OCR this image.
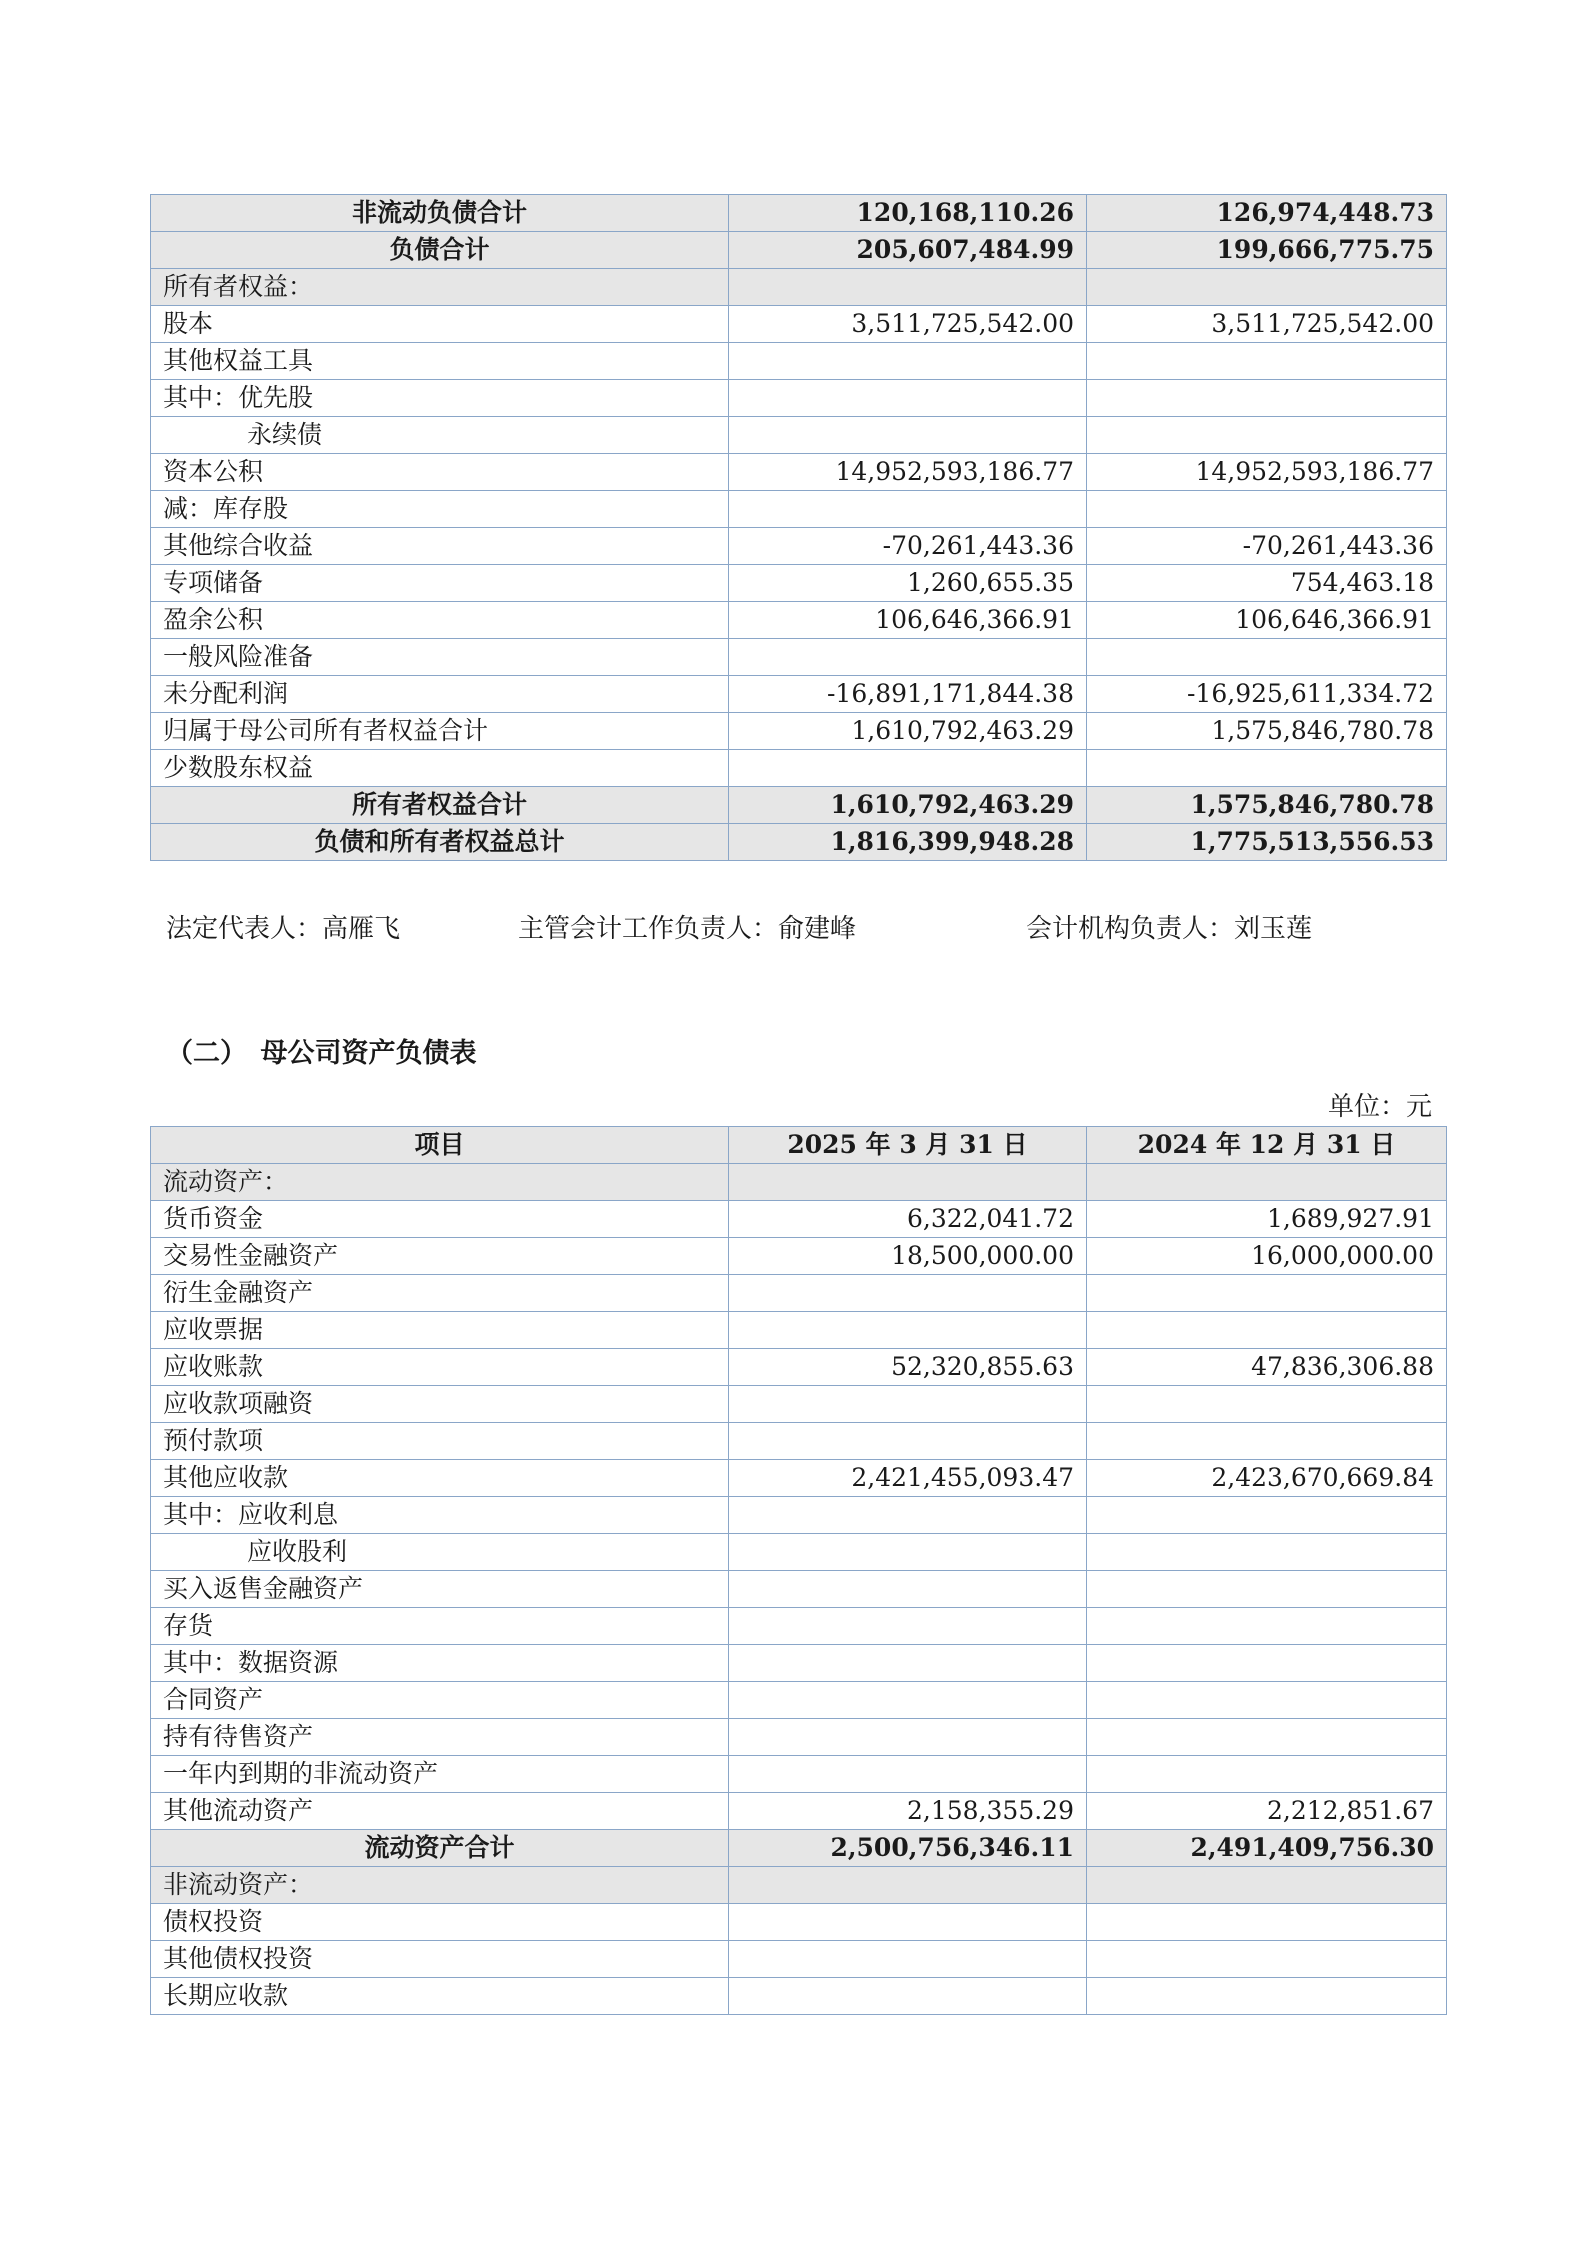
非流动负债合计	120,168,110.26	126,974,448.73
负债合计	205,607,484.99	199,666,775.75
所有者权益：		
股本	3,511,725,542.00	3,511,725,542.00
其他权益工具		
其中：优先股		
永续债		
资本公积	14,952,593,186.77	14,952,593,186.77
减：库存股		
其他综合收益	-70,261,443.36	-70,261,443.36
专项储备	1,260,655.35	754,463.18
盈余公积	106,646,366.91	106,646,366.91
一般风险准备		
未分配利润	-16,891,171,844.38	-16,925,611,334.72
归属于母公司所有者权益合计	1,610,792,463.29	1,575,846,780.78
少数股东权益		
所有者权益合计	1,610,792,463.29	1,575,846,780.78
负债和所有者权益总计	1,816,399,948.28	1,775,513,556.53
法定代表人：高雁飞	主管会计工作负责人：俞建峰	会计机构负责人：刘玉莲
（二）　母公司资产负债表
单位：元
项目	2025 年 3 月 31 日	2024 年 12 月 31 日
流动资产：		
货币资金	6,322,041.72	1,689,927.91
交易性金融资产	18,500,000.00	16,000,000.00
衍生金融资产		
应收票据		
应收账款	52,320,855.63	47,836,306.88
应收款项融资		
预付款项		
其他应收款	2,421,455,093.47	2,423,670,669.84
其中：应收利息		
应收股利		
买入返售金融资产		
存货		
其中：数据资源		
合同资产		
持有待售资产		
一年内到期的非流动资产		
其他流动资产	2,158,355.29	2,212,851.67
流动资产合计	2,500,756,346.11	2,491,409,756.30
非流动资产：		
债权投资		
其他债权投资		
长期应收款		
